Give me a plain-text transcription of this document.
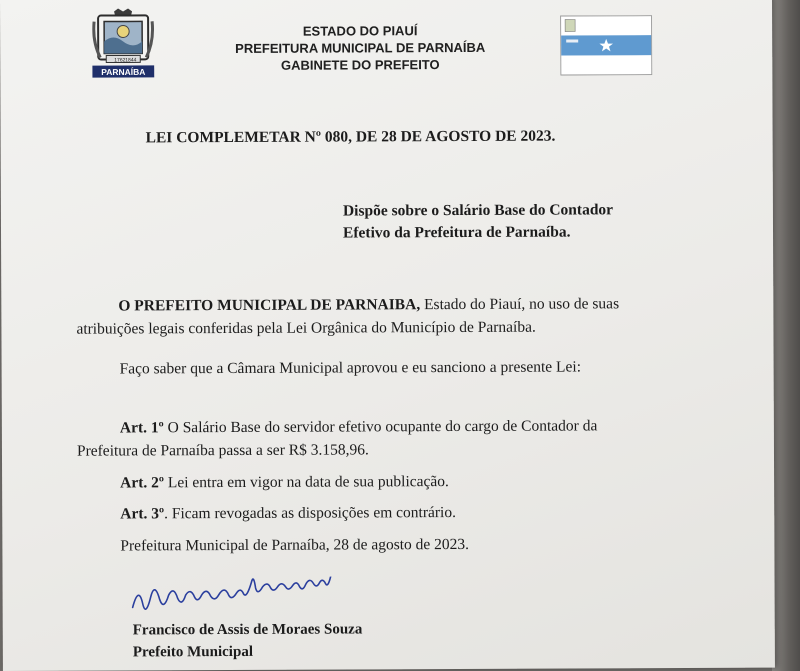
1762 1844
PARNAÍBA
ESTADO DO PIAUÍ
PREFEITURA MUNICIPAL DE PARNAÍBA
GABINETE DO PREFEITO
LEI COMPLEMETAR Nº 080, DE 28 DE AGOSTO DE 2023.
Dispõe sobre o Salário Base do Contador
Efetivo da Prefeitura de Parnaíba.
O PREFEITO MUNICIPAL DE PARNAIBA, Estado do Piauí, no uso de suas
atribuições legais conferidas pela Lei Orgânica do Município de Parnaíba.
Faço saber que a Câmara Municipal aprovou e eu sanciono a presente Lei:
Art. 1º O Salário Base do servidor efetivo ocupante do cargo de Contador da
Prefeitura de Parnaíba passa a ser R$ 3.158,96.
Art. 2º Lei entra em vigor na data de sua publicação.
Art. 3º. Ficam revogadas as disposições em contrário.
Prefeitura Municipal de Parnaíba, 28 de agosto de 2023.
Francisco de Assis de Moraes Souza
Prefeito Municipal
